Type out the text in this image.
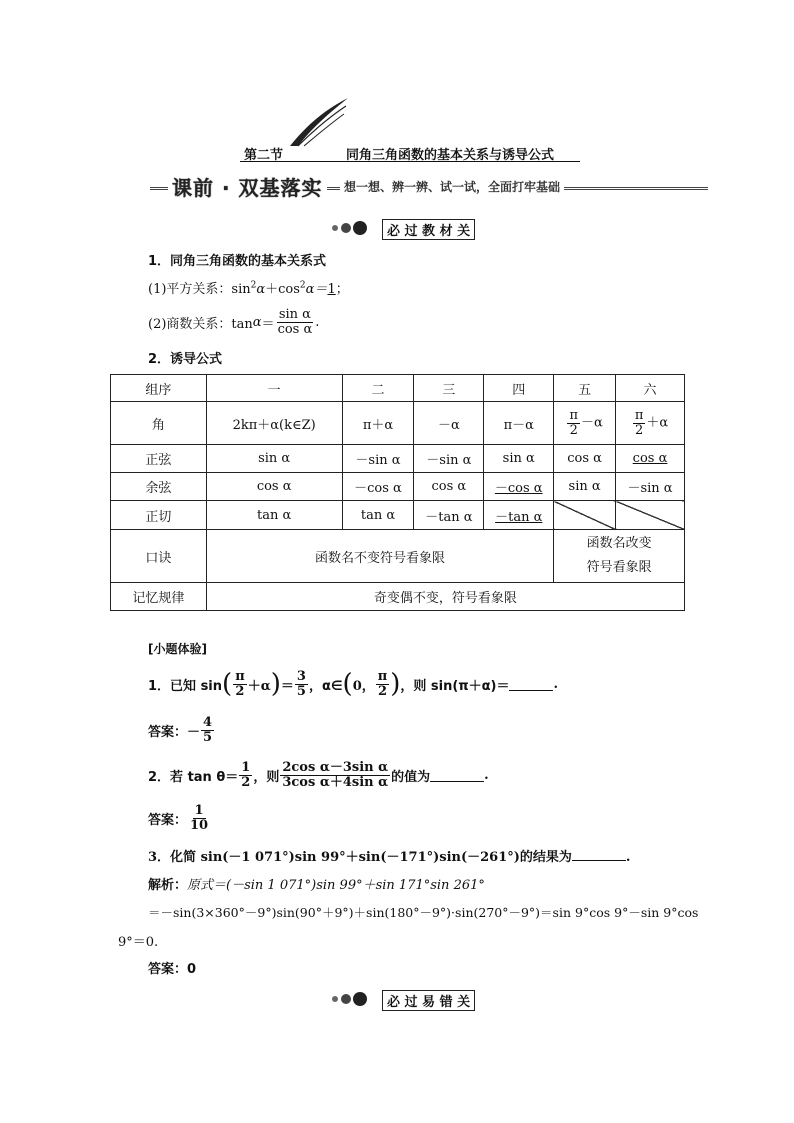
第二节	同角三角函数的基本关系与诱导公式
课前 · 双基落实	想一想、辨一辨、试一试，全面打牢基础
必 过 教 材 关
1．同角三角函数的基本关系式
(1)平方关系：$\sin^2\alpha+\cos^2\alpha=1$；
(2)商数关系：$\tan \alpha = \frac{\text{sin α}}{\text{cos α}}$ .
2．诱导公式
组序	一	二	三	四	五	六
角	2kπ＋α(k∈Z)	π＋α	－α	π－α	$\frac{\pi}{2} -\alpha$	$\frac{\pi}{2} +\alpha$
正弦	sin α	－sin α	－sin α	sin α	cos α	cos α
余弦	cos α	－cos α	cos α	－cos α	sin α	－sin α
正切	tan α	tan α	－tan α	－tan α		
口诀	函数名不变符号看象限				函数名改变
符号看象限	

记忆规律	奇变偶不变，符号看象限					
[小题体验]
1．已知 sin ( $\frac{\pi}{2} +\alpha$ ) ＝ $\frac{3}{5}$ ，α∈ ( 0， $\frac{\pi}{2}$ ) ，则 sin(π＋α)＝	.
答案：－ $\frac{4}{5}$
2．若 $\tan \theta= \frac{1}{2}$ ，则 $\frac{\text{2cos α－3sin α}}{\text{3cos α＋4sin α}}$ 的值为	.
答案： $\frac{1}{10}$
3．化简 sin(－1 071°)sin 99°＋sin(－171°)sin(－261°)的结果为	.
解析：原式＝(－sin 1 071°)sin 99°＋sin 171°sin 261°
＝－sin(3×360°－9°)sin(90°＋9°)＋sin(180°－9°)·sin(270°－9°)＝sin 9°cos 9°－sin 9°cos
9°＝0.
答案：0
必 过 易 错 关
